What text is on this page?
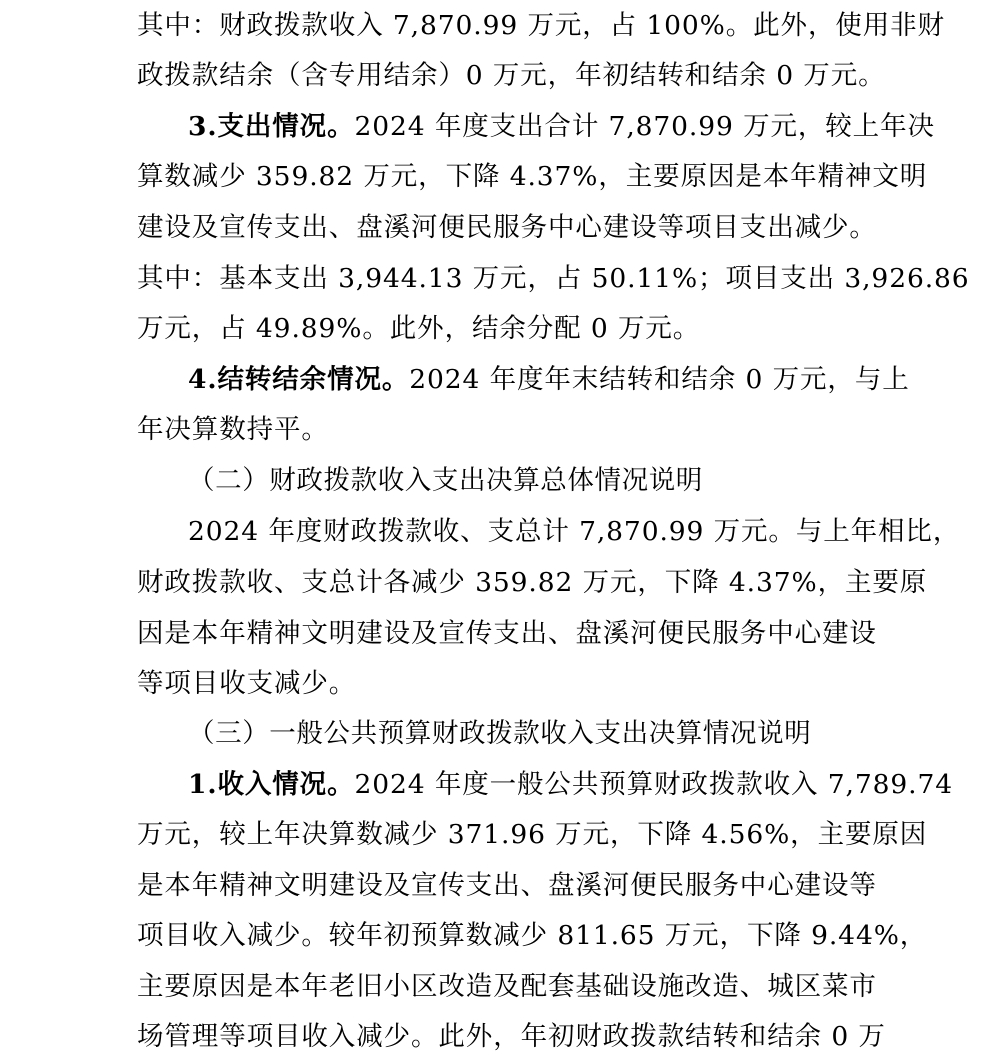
其中：财政拨款收入 7,870.99 万元，占 100%。此外，使用非财
政拨款结余（含专用结余）0 万元，年初结转和结余 0 万元。
3.支出情况。2024 年度支出合计 7,870.99 万元，较上年决
算数减少 359.82 万元，下降 4.37%，主要原因是本年精神文明
建设及宣传支出、盘溪河便民服务中心建设等项目支出减少。
其中：基本支出 3,944.13 万元，占 50.11%；项目支出 3,926.86
万元，占 49.89%。此外，结余分配 0 万元。
4.结转结余情况。2024 年度年末结转和结余 0 万元，与上
年决算数持平。
（二）财政拨款收入支出决算总体情况说明
2024 年度财政拨款收、支总计 7,870.99 万元。与上年相比，
财政拨款收、支总计各减少 359.82 万元，下降 4.37%，主要原
因是本年精神文明建设及宣传支出、盘溪河便民服务中心建设
等项目收支减少。
（三）一般公共预算财政拨款收入支出决算情况说明
1.收入情况。2024 年度一般公共预算财政拨款收入 7,789.74
万元，较上年决算数减少 371.96 万元，下降 4.56%，主要原因
是本年精神文明建设及宣传支出、盘溪河便民服务中心建设等
项目收入减少。较年初预算数减少 811.65 万元，下降 9.44%，
主要原因是本年老旧小区改造及配套基础设施改造、城区菜市
场管理等项目收入减少。此外，年初财政拨款结转和结余 0 万
